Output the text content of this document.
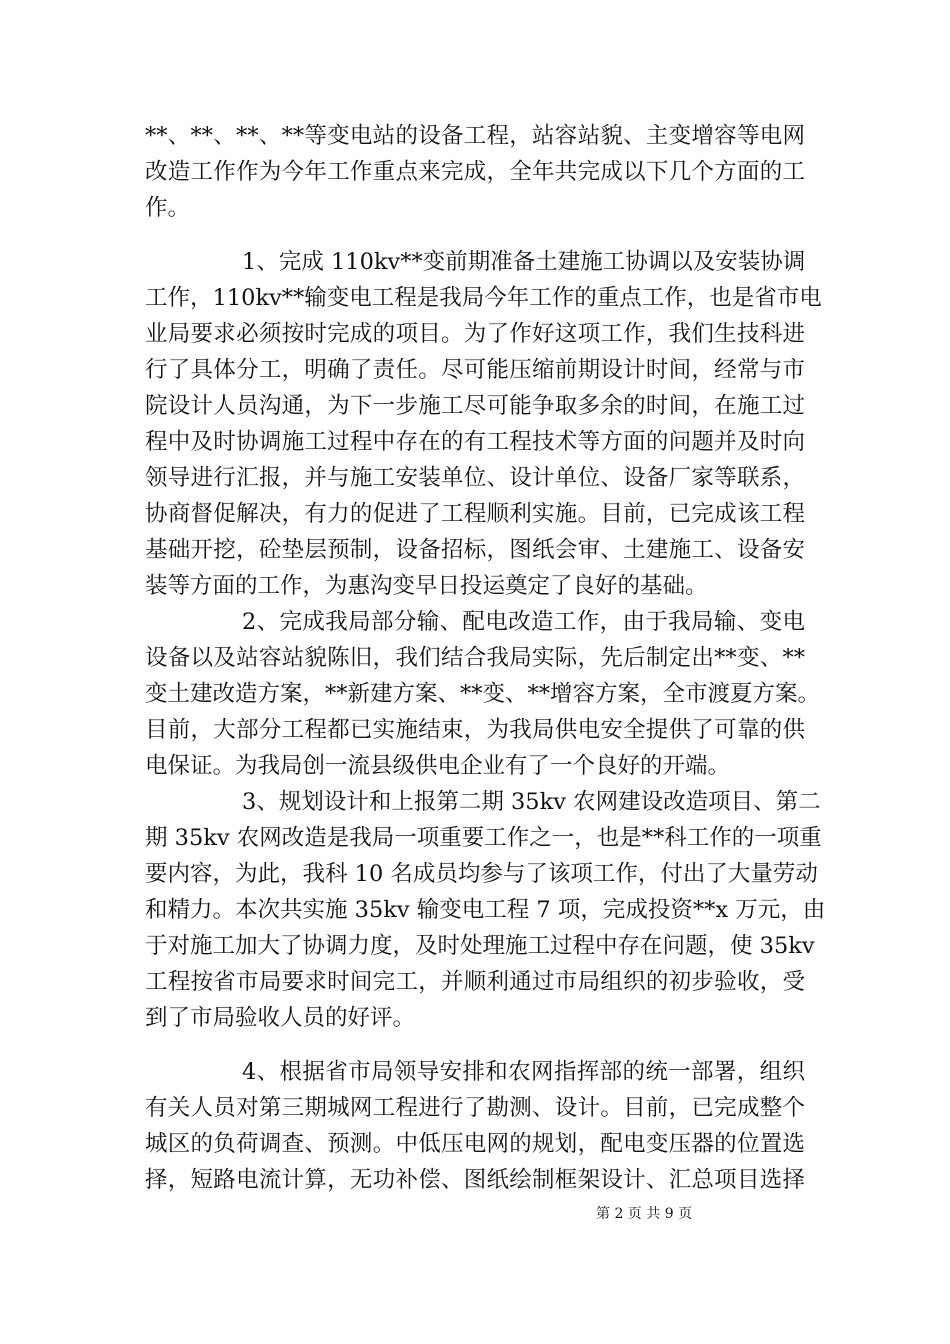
**、**、**、**等变电站的设备工程，站容站貌、主变增容等电网
改造工作作为今年工作重点来完成，全年共完成以下几个方面的工
作。
1、完成 110kv**变前期准备土建施工协调以及安装协调
工作，110kv**输变电工程是我局今年工作的重点工作，也是省市电
业局要求必须按时完成的项目。为了作好这项工作，我们生技科进
行了具体分工，明确了责任。尽可能压缩前期设计时间，经常与市
院设计人员沟通，为下一步施工尽可能争取多余的时间，在施工过
程中及时协调施工过程中存在的有工程技术等方面的问题并及时向
领导进行汇报，并与施工安装单位、设计单位、设备厂家等联系，
协商督促解决，有力的促进了工程顺利实施。目前，已完成该工程
基础开挖，砼垫层预制，设备招标，图纸会审、土建施工、设备安
装等方面的工作，为惠沟变早日投运奠定了良好的基础。
2、完成我局部分输、配电改造工作，由于我局输、变电
设备以及站容站貌陈旧，我们结合我局实际，先后制定出**变、**
变土建改造方案，**新建方案、**变、**增容方案，全市渡夏方案。
目前，大部分工程都已实施结束，为我局供电安全提供了可靠的供
电保证。为我局创一流县级供电企业有了一个良好的开端。
3、规划设计和上报第二期 35kv 农网建设改造项目、第二
期 35kv 农网改造是我局一项重要工作之一，也是**科工作的一项重
要内容，为此，我科 10 名成员均参与了该项工作，付出了大量劳动
和精力。本次共实施 35kv 输变电工程 7 项，完成投资**x 万元，由
于对施工加大了协调力度，及时处理施工过程中存在问题，使 35kv
工程按省市局要求时间完工，并顺利通过市局组织的初步验收，受
到了市局验收人员的好评。
4、根据省市局领导安排和农网指挥部的统一部署，组织
有关人员对第三期城网工程进行了勘测、设计。目前，已完成整个
城区的负荷调查、预测。中低压电网的规划，配电变压器的位置选
择，短路电流计算，无功补偿、图纸绘制框架设计、汇总项目选择
第 2 页 共 9 页
